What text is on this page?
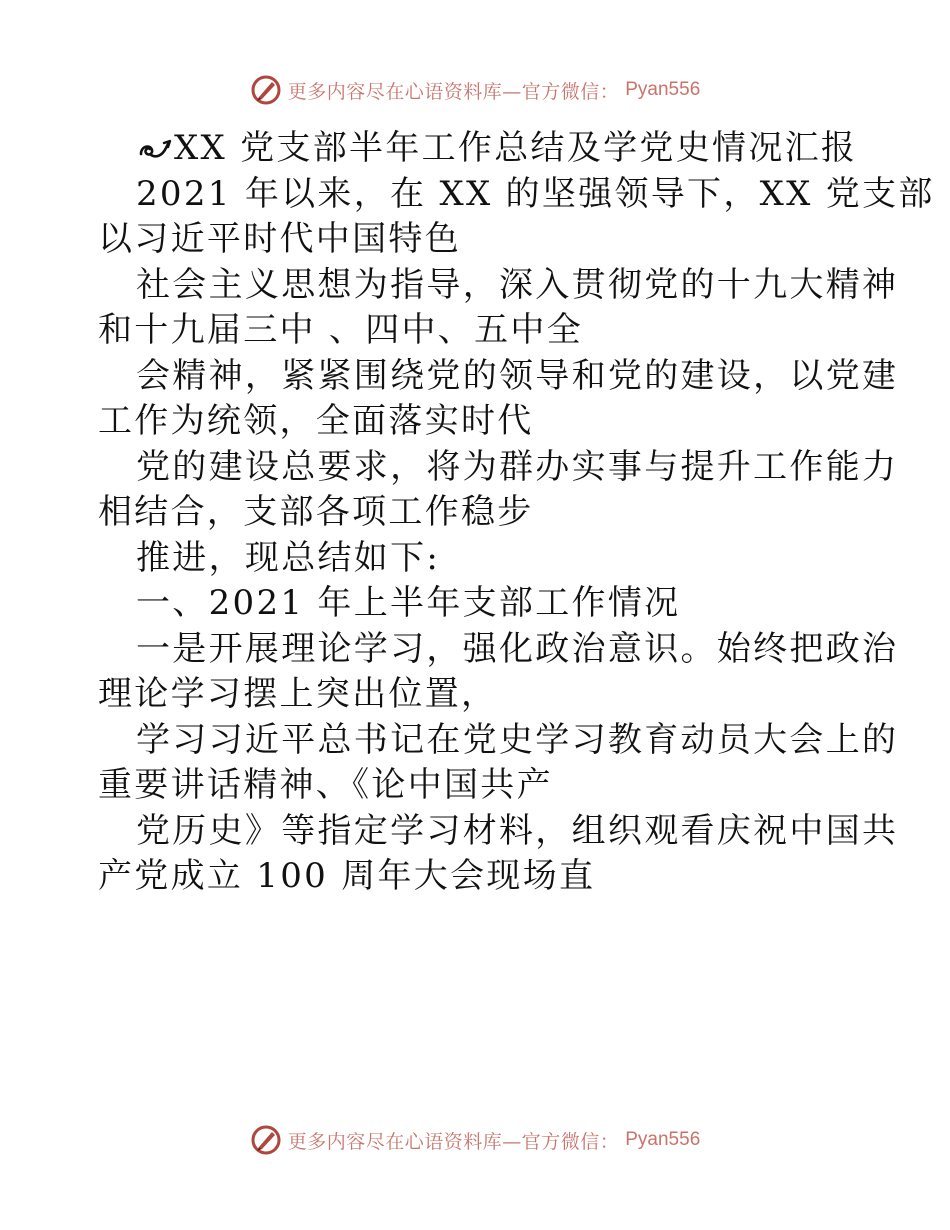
更多内容尽在心语资料库—官方微信： Pyan556
XX 党支部半年工作总结及学党史情况汇报
2021 年以来，在 XX 的坚强领导下，XX 党支部
以习近平时代中国特色
社会主义思想为指导，深入贯彻党的十九大精神
和十九届三中 、四中、五中全
会精神，紧紧围绕党的领导和党的建设，以党建
工作为统领，全面落实时代
党的建设总要求，将为群办实事与提升工作能力
相结合，支部各项工作稳步
推进，现总结如下:
一、2021 年上半年支部工作情况
一是开展理论学习，强化政治意识。始终把政治
理论学习摆上突出位置，
学习习近平总书记在党史学习教育动员大会上的
重要讲话精神、《论中国共产
党历史》等指定学习材料，组织观看庆祝中国共
产党成立 100 周年大会现场直
更多内容尽在心语资料库—官方微信： Pyan556
